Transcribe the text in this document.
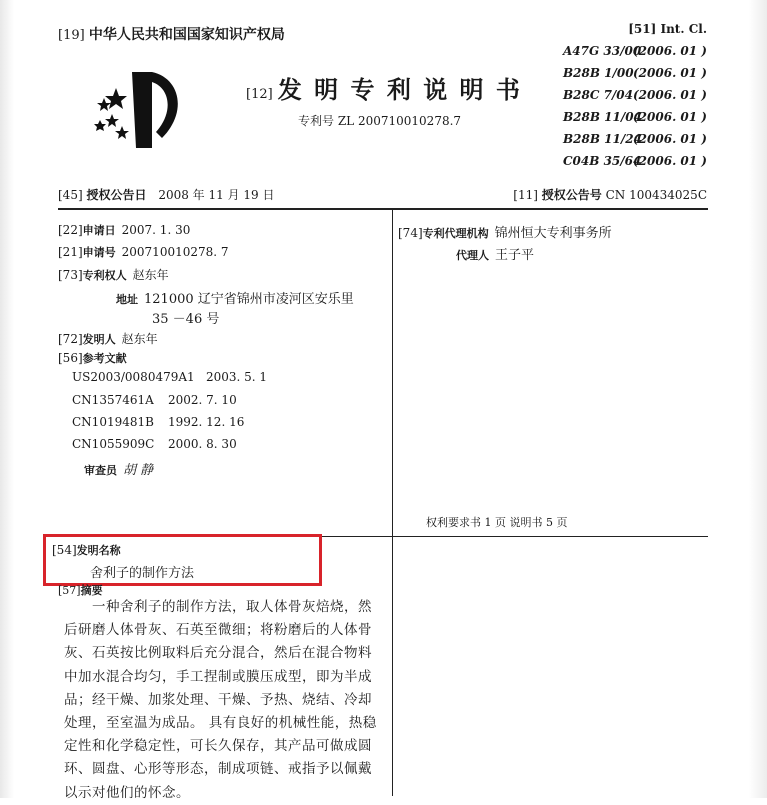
[19] 中华人民共和国国家知识产权局
[12] 发 明 专 利 说 明 书
专利号 ZL 200710010278.7
[51] Int. Cl.
A47G 33/00(2006. 01 )
B28B 1/00(2006. 01 )
B28C 7/04(2006. 01 )
B28B 11/04(2006. 01 )
B28B 11/24(2006. 01 )
C04B 35/64(2006. 01 )
[45] 授权公告日 2008 年 11 月 19 日	[11] 授权公告号 CN 100434025C
[22]申请日 2007. 1. 30
[21]申请号 200710010278. 7
[73]专利权人 赵东年
地址 121000 辽宁省锦州市凌河区安乐里
35 －46 号
[72]发明人 赵东年
[56]参考文献
US2003/0080479A1 2003. 5. 1
CN1357461A 2002. 7. 10
CN1019481B 1992. 12. 16
CN1055909C 2000. 8. 30
审查员 胡 静
[74]专利代理机构 锦州恒大专利事务所
代理人 王子平
权利要求书 1 页 说明书 5 页
[54]发明名称
舍利子的制作方法
[57]摘要
一种舍利子的制作方法，取人体骨灰焙烧，然
后研磨人体骨灰、石英至微细；将粉磨后的人体骨
灰、石英按比例取料后充分混合，然后在混合物料
中加水混合均匀，手工捏制或膜压成型，即为半成
品；经干燥、加浆处理、干燥、予热、烧结、冷却
处理，至室温为成品。 具有良好的机械性能，热稳
定性和化学稳定性，可长久保存，其产品可做成圆
环、圆盘、心形等形态，制成项链、戒指予以佩戴
以示对他们的怀念。
